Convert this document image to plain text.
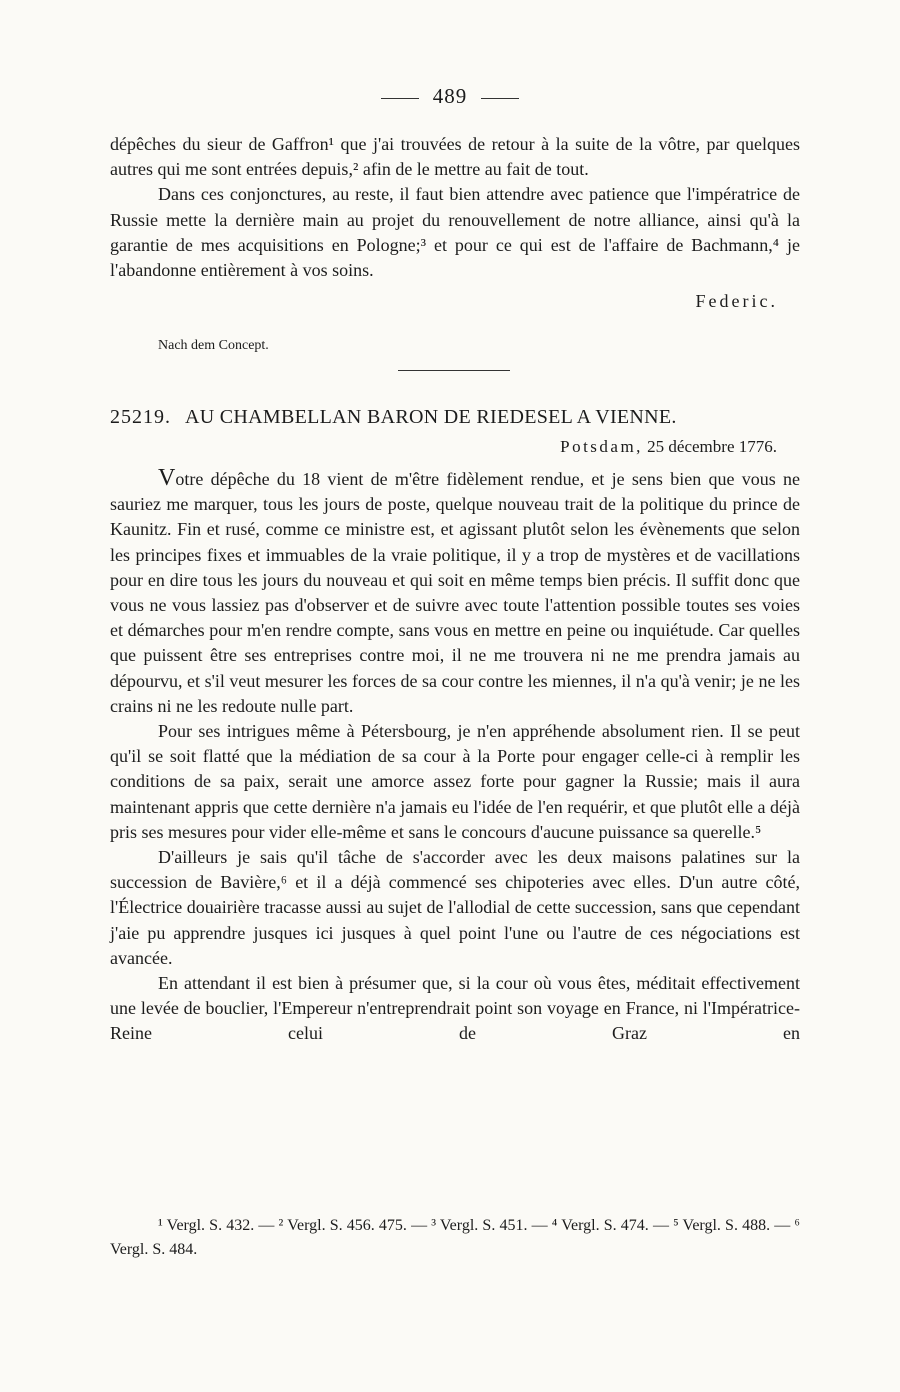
489

dépêches du sieur de Gaffron¹ que j'ai trouvées de retour à la suite de la vôtre, par quelques autres qui me sont entrées depuis,² afin de le mettre au fait de tout.

Dans ces conjonctures, au reste, il faut bien attendre avec patience que l'impératrice de Russie mette la dernière main au projet du renouvellement de notre alliance, ainsi qu'à la garantie de mes acquisitions en Pologne;³ et pour ce qui est de l'affaire de Bachmann,⁴ je l'abandonne entièrement à vos soins.

Federic.
Nach dem Concept.
25219. AU CHAMBELLAN BARON DE RIEDESEL A VIENNE.
Potsdam, 25 décembre 1776.

Votre dépêche du 18 vient de m'être fidèlement rendue, et je sens bien que vous ne sauriez me marquer, tous les jours de poste, quelque nouveau trait de la politique du prince de Kaunitz. Fin et rusé, comme ce ministre est, et agissant plutôt selon les évènements que selon les principes fixes et immuables de la vraie politique, il y a trop de mystères et de vacillations pour en dire tous les jours du nouveau et qui soit en même temps bien précis. Il suffit donc que vous ne vous lassiez pas d'observer et de suivre avec toute l'attention possible toutes ses voies et démarches pour m'en rendre compte, sans vous en mettre en peine ou inquiétude. Car quelles que puissent être ses entreprises contre moi, il ne me trouvera ni ne me prendra jamais au dépourvu, et s'il veut mesurer les forces de sa cour contre les miennes, il n'a qu'à venir; je ne les crains ni ne les redoute nulle part.

Pour ses intrigues même à Pétersbourg, je n'en appréhende absolument rien. Il se peut qu'il se soit flatté que la médiation de sa cour à la Porte pour engager celle-ci à remplir les conditions de sa paix, serait une amorce assez forte pour gagner la Russie; mais il aura maintenant appris que cette dernière n'a jamais eu l'idée de l'en requérir, et que plutôt elle a déjà pris ses mesures pour vider elle-même et sans le concours d'aucune puissance sa querelle.⁵

D'ailleurs je sais qu'il tâche de s'accorder avec les deux maisons palatines sur la succession de Bavière,⁶ et il a déjà commencé ses chipoteries avec elles. D'un autre côté, l'Électrice douairière tracasse aussi au sujet de l'allodial de cette succession, sans que cependant j'aie pu apprendre jusques ici jusques à quel point l'une ou l'autre de ces négociations est avancée.

En attendant il est bien à présumer que, si la cour où vous êtes, méditait effectivement une levée de bouclier, l'Empereur n'entreprendrait point son voyage en France, ni l'Impératrice-Reine celui de Graz en

¹ Vergl. S. 432. — ² Vergl. S. 456. 475. — ³ Vergl. S. 451. — ⁴ Vergl. S. 474. — ⁵ Vergl. S. 488. — ⁶ Vergl. S. 484.
